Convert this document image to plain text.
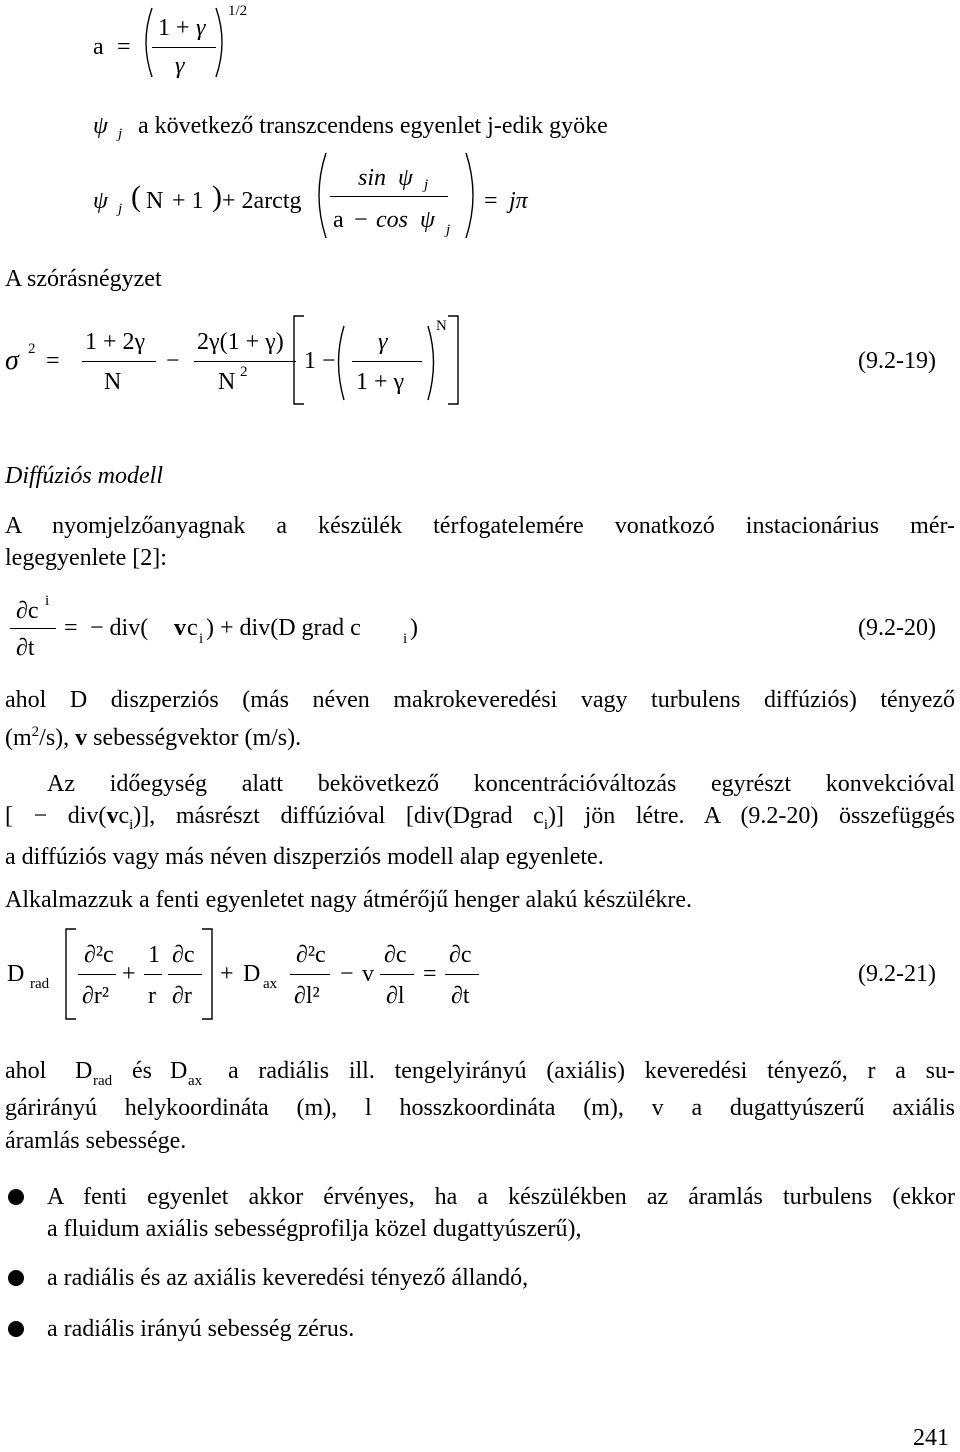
a =
1 + γ
γ
1/2
ψ j a következő transzcendens egyenlet j-edik gyöke
ψ j ( N + 1 ) + 2arctg
sin ψ j
a − cos ψ j
= jπ
A szórásnégyzet
σ 2 =
1 + 2γ
N
−
2γ(1 + γ)
N 2 1 −
γ
1 + γ
N
(9.2-19)
Diffúziós modell
A nyomjelzőanyagnak a készülék térfogatelemére vonatkozó instacionárius mér-
legegyenlete [2]:
∂c i
∂t
= − div( v c i ) + div(D grad c	i )	(9.2-20)
ahol D diszperziós (más néven makrokeveredési vagy turbulens diffúziós) tényező
$(m^2/s)$, v sebességvektor (m/s).
Az időegység alatt bekövetkező koncentrációváltozás egyrészt konvekcióval
[ − $div(vc_i)$], másrészt diffúzióval [div(Dgrad $c_i$)] jön létre. A (9.2-20) összefüggés
a diffúziós vagy más néven diszperziós modell alap egyenlete.
Alkalmazzuk a fenti egyenletet nagy átmérőjű henger alakú készülékre.
D rad
∂²c
∂r²
+
1
r
∂c
∂r
+ D ax
∂²c
∂l²
− v
∂c
∂l
=
∂c
∂t
(9.2-21)
ahol D rad és D ax a radiális ill. tengelyirányú (axiális) keveredési tényező, r a su-
gárirányú helykoordináta (m), l hosszkoordináta (m), v a dugattyúszerű axiális
áramlás sebessége.
A fenti egyenlet akkor érvényes, ha a készülékben az áramlás turbulens (ekkor
a fluidum axiális sebességprofilja közel dugattyúszerű),
a radiális és az axiális keveredési tényező állandó,
a radiális irányú sebesség zérus.
241
